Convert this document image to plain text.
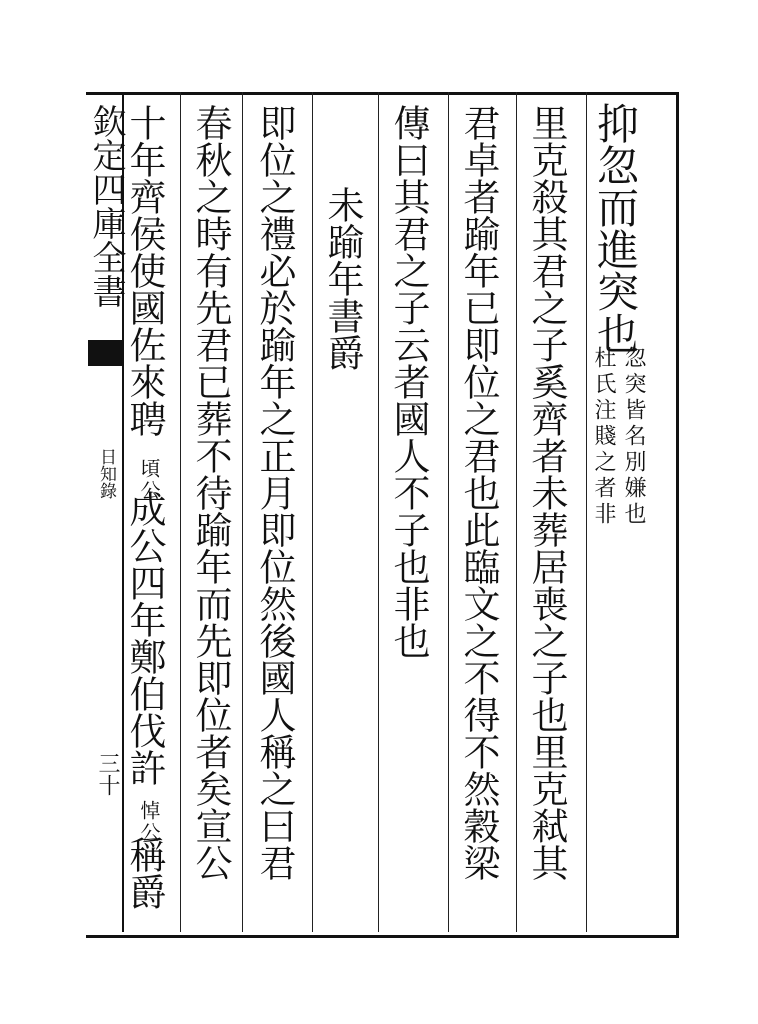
欽定四庫全書
日知錄
三十
抑忽而進突也
忽突皆名別嫌也
杜氏注賤之者非
里克殺其君之子奚齊者未葬居喪之子也里克弒其
君卓者踰年已即位之君也此臨文之不得不然穀梁
傳曰其君之子云者國人不子也非也
未踰年書爵
即位之禮必於踰年之正月即位然後國人稱之曰君
春秋之時有先君已葬不待踰年而先即位者矣宣公
十年齊侯使國佐來聘
頃公
成公四年鄭伯伐許
悼公
稱爵
